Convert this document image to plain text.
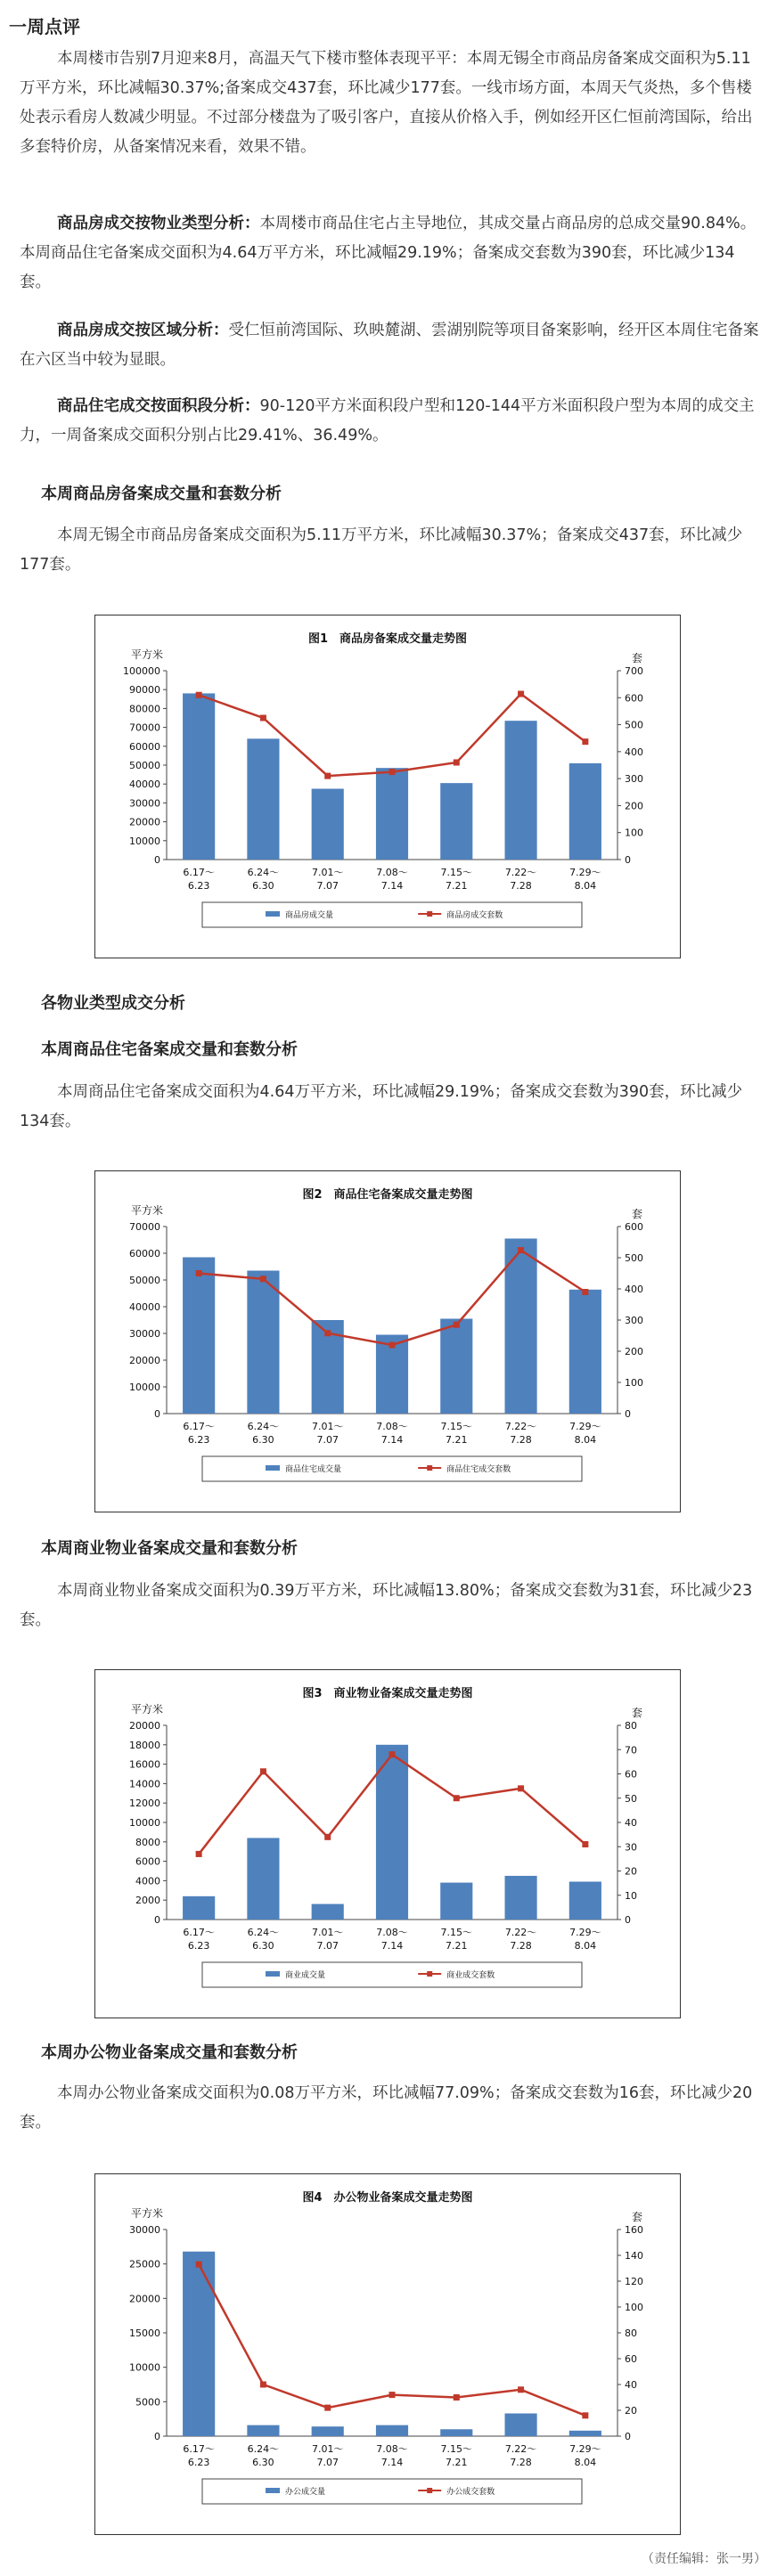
一周点评
本周楼市告别7月迎来8月，高温天气下楼市整体表现平平：本周无锡全市商品房备案成交面积为5.11万平方米，环比减幅30.37%;备案成交437套，环比减少177套。一线市场方面，本周天气炎热，多个售楼处表示看房人数减少明显。不过部分楼盘为了吸引客户，直接从价格入手，例如经开区仁恒前湾国际，给出多套特价房，从备案情况来看，效果不错。
商品房成交按物业类型分析：本周楼市商品住宅占主导地位，其成交量占商品房的总成交量90.84%。本周商品住宅备案成交面积为4.64万平方米，环比减幅29.19%；备案成交套数为390套，环比减少134套。
商品房成交按区域分析：受仁恒前湾国际、玖映麓湖、雲湖别院等项目备案影响，经开区本周住宅备案在六区当中较为显眼。
商品住宅成交按面积段分析：90-120平方米面积段户型和120-144平方米面积段户型为本周的成交主力，一周备案成交面积分别占比29.41%、36.49%。
本周商品房备案成交量和套数分析
本周无锡全市商品房备案成交面积为5.11万平方米，环比减幅30.37%；备案成交437套，环比减少177套。
图1　商品房备案成交量走势图
平方米	套
0
10000
20000
30000
40000
50000
60000
70000
80000
90000
100000
0
100
200
300
400
500
600
700
6.17～
6.23
6.24～
6.30
7.01～
7.07
7.08～
7.14
7.15～
7.21
7.22～
7.28
7.29～
8.04
商品房成交量	商品房成交套数
各物业类型成交分析
本周商品住宅备案成交量和套数分析
本周商品住宅备案成交面积为4.64万平方米，环比减幅29.19%；备案成交套数为390套，环比减少134套。
图2　商品住宅备案成交量走势图
平方米	套
0
10000
20000
30000
40000
50000
60000
70000
0
100
200
300
400
500
600
6.17～
6.23
6.24～
6.30
7.01～
7.07
7.08～
7.14
7.15～
7.21
7.22～
7.28
7.29～
8.04
商品住宅成交量	商品住宅成交套数
本周商业物业备案成交量和套数分析
本周商业物业备案成交面积为0.39万平方米，环比减幅13.80%；备案成交套数为31套，环比减少23套。
图3　商业物业备案成交量走势图
平方米	套
0
2000
4000
6000
8000
10000
12000
14000
16000
18000
20000
0
10
20
30
40
50
60
70
80
6.17～
6.23
6.24～
6.30
7.01～
7.07
7.08～
7.14
7.15～
7.21
7.22～
7.28
7.29～
8.04
商业成交量	商业成交套数
本周办公物业备案成交量和套数分析
本周办公物业备案成交面积为0.08万平方米，环比减幅77.09%；备案成交套数为16套，环比减少20套。
图4　办公物业备案成交量走势图
平方米	套
0
5000
10000
15000
20000
25000
30000
0
20
40
60
80
100
120
140
160
6.17～
6.23
6.24～
6.30
7.01～
7.07
7.08～
7.14
7.15～
7.21
7.22～
7.28
7.29～
8.04
办公成交量	办公成交套数
（责任编辑：张一男）
